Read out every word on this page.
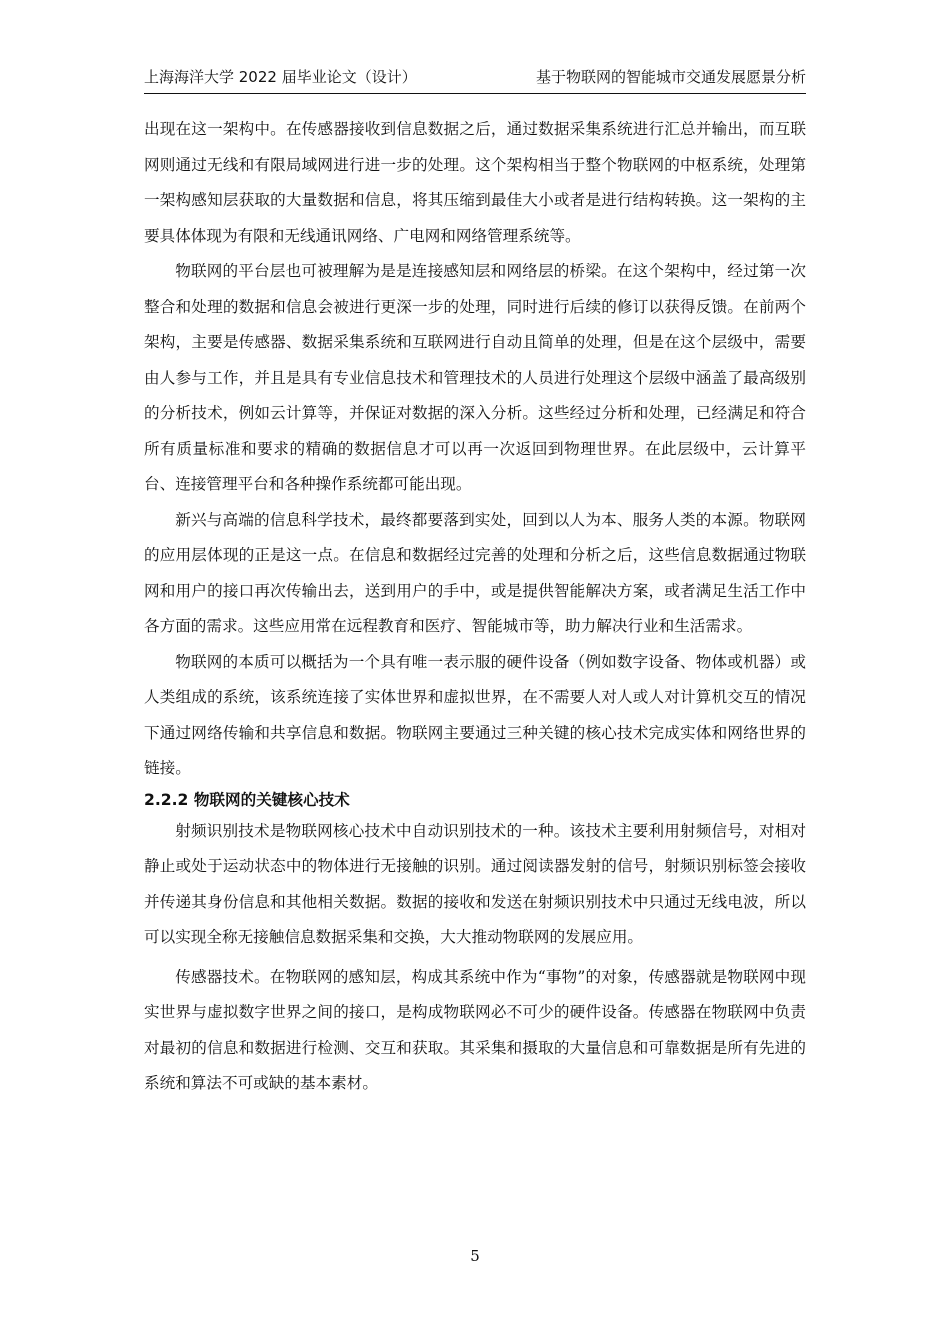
上海海洋大学 2022 届毕业论文（设计）	基于物联网的智能城市交通发展愿景分析

出现在这一架构中。在传感器接收到信息数据之后，通过数据采集系统进行汇总并输出，而互联网则通过无线和有限局域网进行进一步的处理。这个架构相当于整个物联网的中枢系统，处理第一架构感知层获取的大量数据和信息，将其压缩到最佳大小或者是进行结构转换。这一架构的主要具体体现为有限和无线通讯网络、广电网和网络管理系统等。

物联网的平台层也可被理解为是是连接感知层和网络层的桥梁。在这个架构中，经过第一次整合和处理的数据和信息会被进行更深一步的处理，同时进行后续的修订以获得反馈。在前两个架构，主要是传感器、数据采集系统和互联网进行自动且简单的处理，但是在这个层级中，需要由人参与工作，并且是具有专业信息技术和管理技术的人员进行处理这个层级中涵盖了最高级别的分析技术，例如云计算等，并保证对数据的深入分析。这些经过分析和处理，已经满足和符合所有质量标准和要求的精确的数据信息才可以再一次返回到物理世界。在此层级中，云计算平台、连接管理平台和各种操作系统都可能出现。

新兴与高端的信息科学技术，最终都要落到实处，回到以人为本、服务人类的本源。物联网的应用层体现的正是这一点。在信息和数据经过完善的处理和分析之后，这些信息数据通过物联网和用户的接口再次传输出去，送到用户的手中，或是提供智能解决方案，或者满足生活工作中各方面的需求。这些应用常在远程教育和医疗、智能城市等，助力解决行业和生活需求。

物联网的本质可以概括为一个具有唯一表示服的硬件设备（例如数字设备、物体或机器）或人类组成的系统，该系统连接了实体世界和虚拟世界，在不需要人对人或人对计算机交互的情况下通过网络传输和共享信息和数据。物联网主要通过三种关键的核心技术完成实体和网络世界的链接。

2.2.2 物联网的关键核心技术

射频识别技术是物联网核心技术中自动识别技术的一种。该技术主要利用射频信号，对相对静止或处于运动状态中的物体进行无接触的识别。通过阅读器发射的信号，射频识别标签会接收并传递其身份信息和其他相关数据。数据的接收和发送在射频识别技术中只通过无线电波，所以可以实现全称无接触信息数据采集和交换，大大推动物联网的发展应用。

传感器技术。在物联网的感知层，构成其系统中作为“事物”的对象，传感器就是物联网中现实世界与虚拟数字世界之间的接口，是构成物联网必不可少的硬件设备。传感器在物联网中负责对最初的信息和数据进行检测、交互和获取。其采集和摄取的大量信息和可靠数据是所有先进的系统和算法不可或缺的基本素材。

5
